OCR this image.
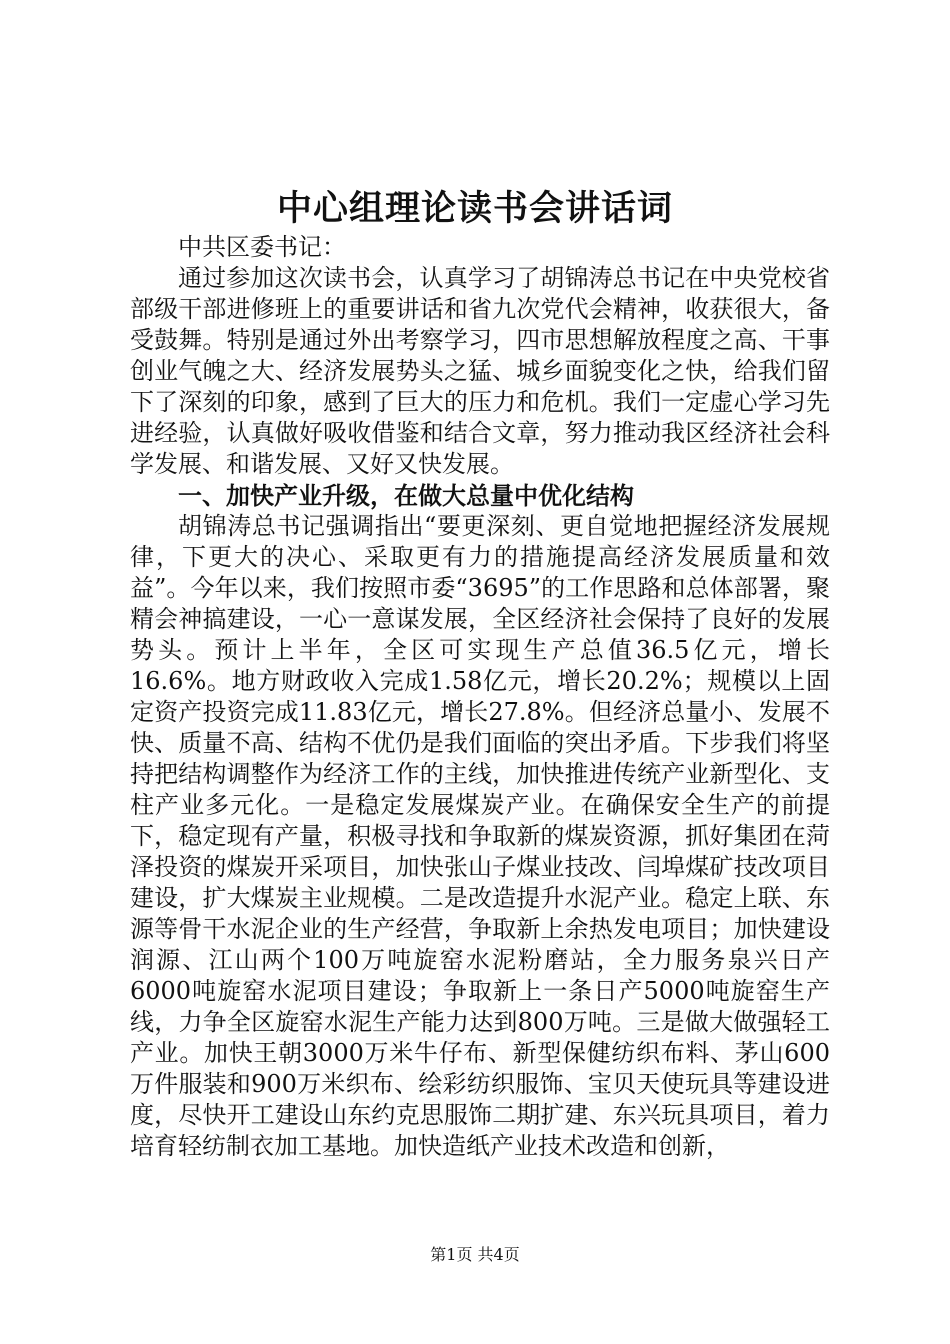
中心组理论读书会讲话词

中共区委书记：

通过参加这次读书会，认真学习了胡锦涛总书记在中央党校省部级干部进修班上的重要讲话和省九次党代会精神，收获很大，备受鼓舞。特别是通过外出考察学习，四市思想解放程度之高、干事创业气魄之大、经济发展势头之猛、城乡面貌变化之快，给我们留下了深刻的印象，感到了巨大的压力和危机。我们一定虚心学习先进经验，认真做好吸收借鉴和结合文章，努力推动我区经济社会科学发展、和谐发展、又好又快发展。

一、加快产业升级，在做大总量中优化结构

胡锦涛总书记强调指出“要更深刻、更自觉地把握经济发展规律，下更大的决心、采取更有力的措施提高经济发展质量和效益”。今年以来，我们按照市委“3695”的工作思路和总体部署，聚精会神搞建设，一心一意谋发展，全区经济社会保持了良好的发展势头。预计上半年，全区可实现生产总值36.5亿元，增长16.6%。地方财政收入完成1.58亿元，增长20.2%；规模以上固定资产投资完成11.83亿元，增长27.8%。但经济总量小、发展不快、质量不高、结构不优仍是我们面临的突出矛盾。下步我们将坚持把结构调整作为经济工作的主线，加快推进传统产业新型化、支柱产业多元化。一是稳定发展煤炭产业。在确保安全生产的前提下，稳定现有产量，积极寻找和争取新的煤炭资源，抓好集团在菏泽投资的煤炭开采项目，加快张山子煤业技改、闫埠煤矿技改项目建设，扩大煤炭主业规模。二是改造提升水泥产业。稳定上联、东源等骨干水泥企业的生产经营，争取新上余热发电项目；加快建设润源、江山两个100万吨旋窑水泥粉磨站，全力服务泉兴日产6000吨旋窑水泥项目建设；争取新上一条日产5000吨旋窑生产线，力争全区旋窑水泥生产能力达到800万吨。三是做大做强轻工产业。加快王朝3000万米牛仔布、新型保健纺织布料、茅山600万件服装和900万米织布、绘彩纺织服饰、宝贝天使玩具等建设进度，尽快开工建设山东约克思服饰二期扩建、东兴玩具项目，着力培育轻纺制衣加工基地。加快造纸产业技术改造和创新，

第1页 共4页
